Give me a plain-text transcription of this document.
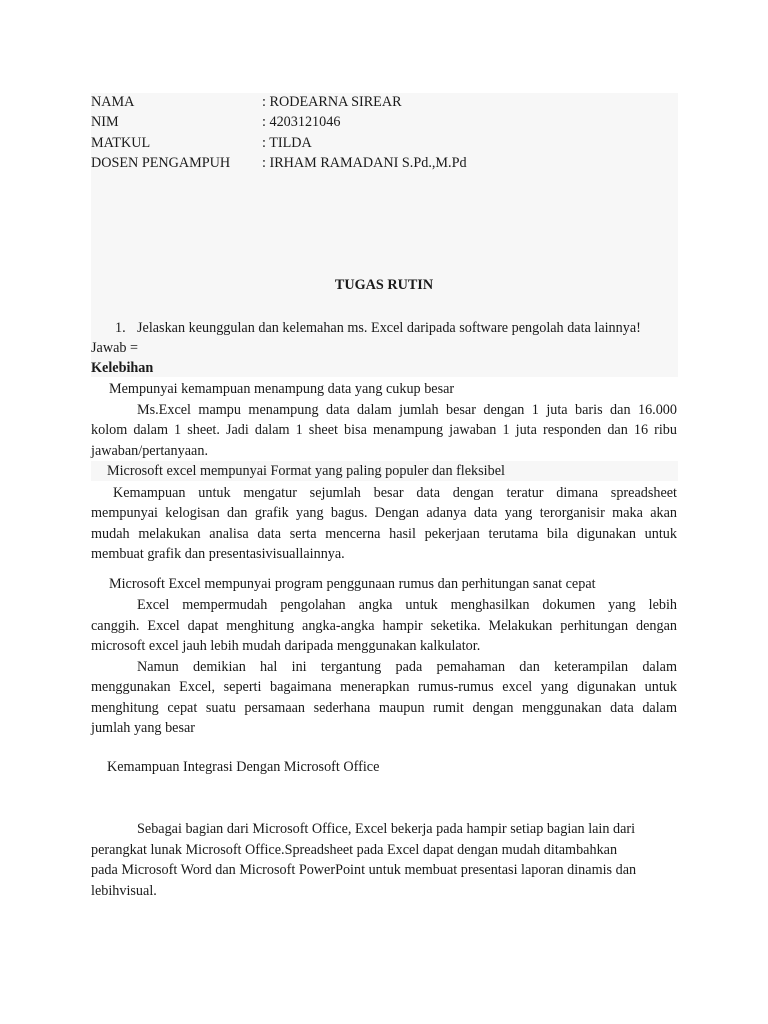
NAMA	: RODEARNA SIREAR
NIM	: 4203121046
MATKUL	: TILDA
DOSEN PENGAMPUH : IRHAM RAMADANI S.Pd.,M.Pd
TUGAS RUTIN
1. Jelaskan keunggulan dan kelemahan ms. Excel daripada software pengolah data lainnya!
Jawab =
Kelebihan
Mempunyai kemampuan menampung data yang cukup besar
Ms.Excel mampu menampung data dalam jumlah besar dengan 1 juta baris dan 16.000
kolom dalam 1 sheet. Jadi dalam 1 sheet bisa menampung jawaban 1 juta responden dan 16 ribu
jawaban/pertanyaan.
Microsoft excel mempunyai Format yang paling populer dan fleksibel
Kemampuan untuk mengatur sejumlah besar data dengan teratur dimana spreadsheet
mempunyai kelogisan dan grafik yang bagus. Dengan adanya data yang terorganisir maka akan
mudah melakukan analisa data serta mencerna hasil pekerjaan terutama bila digunakan untuk
membuat grafik dan presentasivisuallainnya.
Microsoft Excel mempunyai program penggunaan rumus dan perhitungan sanat cepat
Excel mempermudah pengolahan angka untuk menghasilkan dokumen yang lebih
canggih. Excel dapat menghitung angka-angka hampir seketika. Melakukan perhitungan dengan
microsoft excel jauh lebih mudah daripada menggunakan kalkulator.
Namun demikian hal ini tergantung pada pemahaman dan keterampilan dalam
menggunakan Excel, seperti bagaimana menerapkan rumus-rumus excel yang digunakan untuk
menghitung cepat suatu persamaan sederhana maupun rumit dengan menggunakan data dalam
jumlah yang besar
Kemampuan Integrasi Dengan Microsoft Office
Sebagai bagian dari Microsoft Office, Excel bekerja pada hampir setiap bagian lain dari
perangkat lunak Microsoft Office.Spreadsheet pada Excel dapat dengan mudah ditambahkan
pada Microsoft Word dan Microsoft PowerPoint untuk membuat presentasi laporan dinamis dan
lebihvisual.
